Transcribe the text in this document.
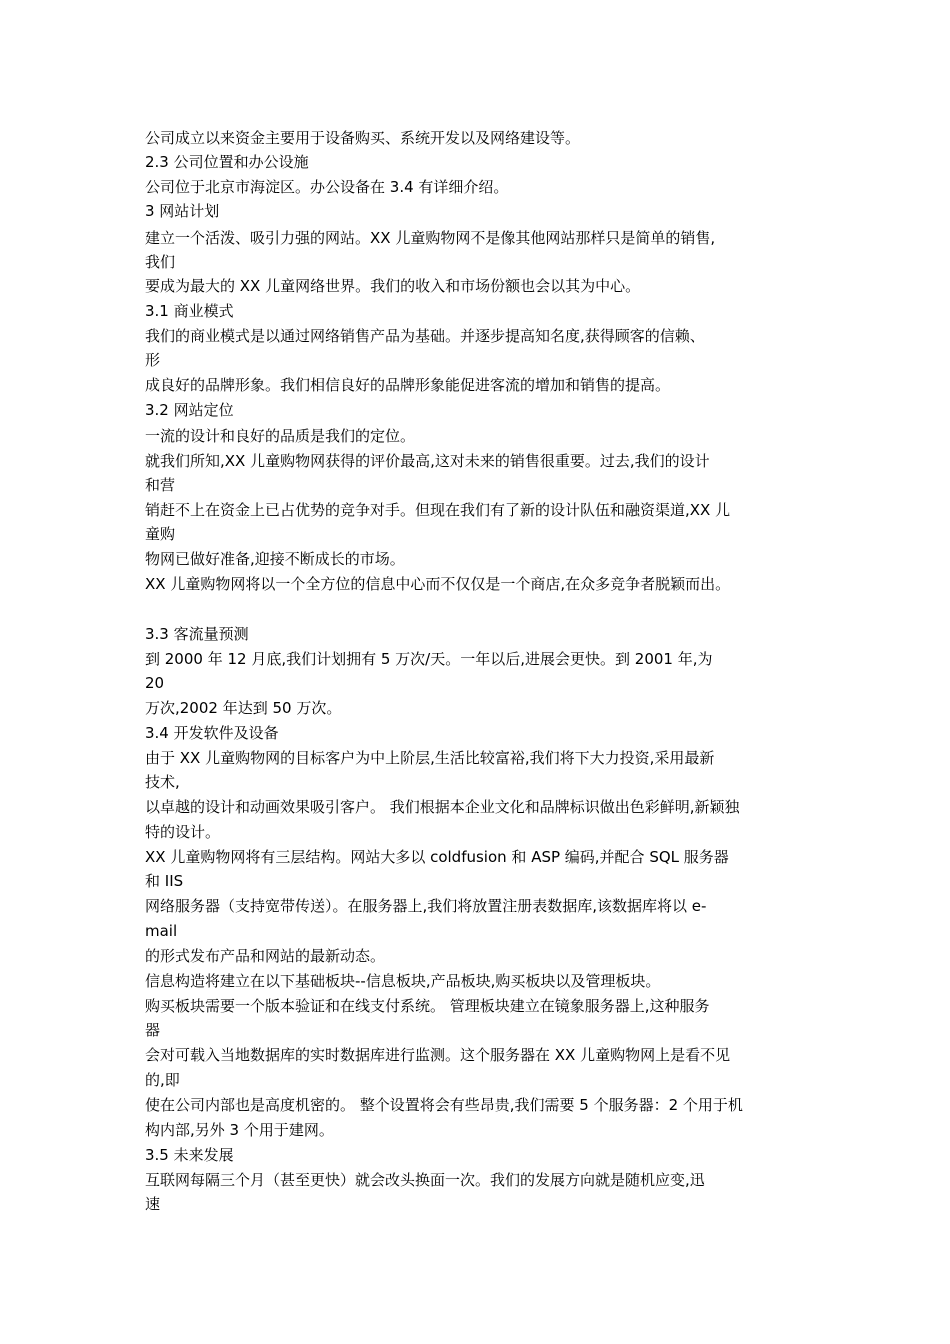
公司成立以来资金主要用于设备购买、系统开发以及网络建设等。
2.3 公司位置和办公设施
公司位于北京市海淀区。办公设备在 3.4 有详细介绍。
3 网站计划
建立一个活泼、吸引力强的网站。XX 儿童购物网不是像其他网站那样只是简单的销售,
我们
要成为最大的 XX 儿童网络世界。我们的收入和市场份额也会以其为中心。
3.1 商业模式
我们的商业模式是以通过网络销售产品为基础。并逐步提高知名度,获得顾客的信赖、
形
成良好的品牌形象。我们相信良好的品牌形象能促进客流的增加和销售的提高。
3.2 网站定位
一流的设计和良好的品质是我们的定位。
就我们所知,XX 儿童购物网获得的评价最高,这对未来的销售很重要。过去,我们的设计
和营
销赶不上在资金上已占优势的竞争对手。但现在我们有了新的设计队伍和融资渠道,XX 儿
童购
物网已做好准备,迎接不断成长的市场。
XX 儿童购物网将以一个全方位的信息中心而不仅仅是一个商店,在众多竞争者脱颖而出。
3.3 客流量预测
到 2000 年 12 月底,我们计划拥有 5 万次/天。一年以后,进展会更快。到 2001 年,为
20
万次,2002 年达到 50 万次。
3.4 开发软件及设备
由于 XX 儿童购物网的目标客户为中上阶层,生活比较富裕,我们将下大力投资,采用最新
技术,
以卓越的设计和动画效果吸引客户。 我们根据本企业文化和品牌标识做出色彩鲜明,新颖独
特的设计。
XX 儿童购物网将有三层结构。网站大多以 coldfusion 和 ASP 编码,并配合 SQL 服务器
和 IIS
网络服务器（支持宽带传送）。在服务器上,我们将放置注册表数据库,该数据库将以 e-
mail
的形式发布产品和网站的最新动态。
信息构造将建立在以下基础板块--信息板块,产品板块,购买板块以及管理板块。
购买板块需要一个版本验证和在线支付系统。 管理板块建立在镜象服务器上,这种服务
器
会对可载入当地数据库的实时数据库进行监测。这个服务器在 XX 儿童购物网上是看不见
的,即
使在公司内部也是高度机密的。 整个设置将会有些昂贵,我们需要 5 个服务器：2 个用于机
构内部,另外 3 个用于建网。
3.5 未来发展
互联网每隔三个月（甚至更快）就会改头换面一次。我们的发展方向就是随机应变,迅
速
